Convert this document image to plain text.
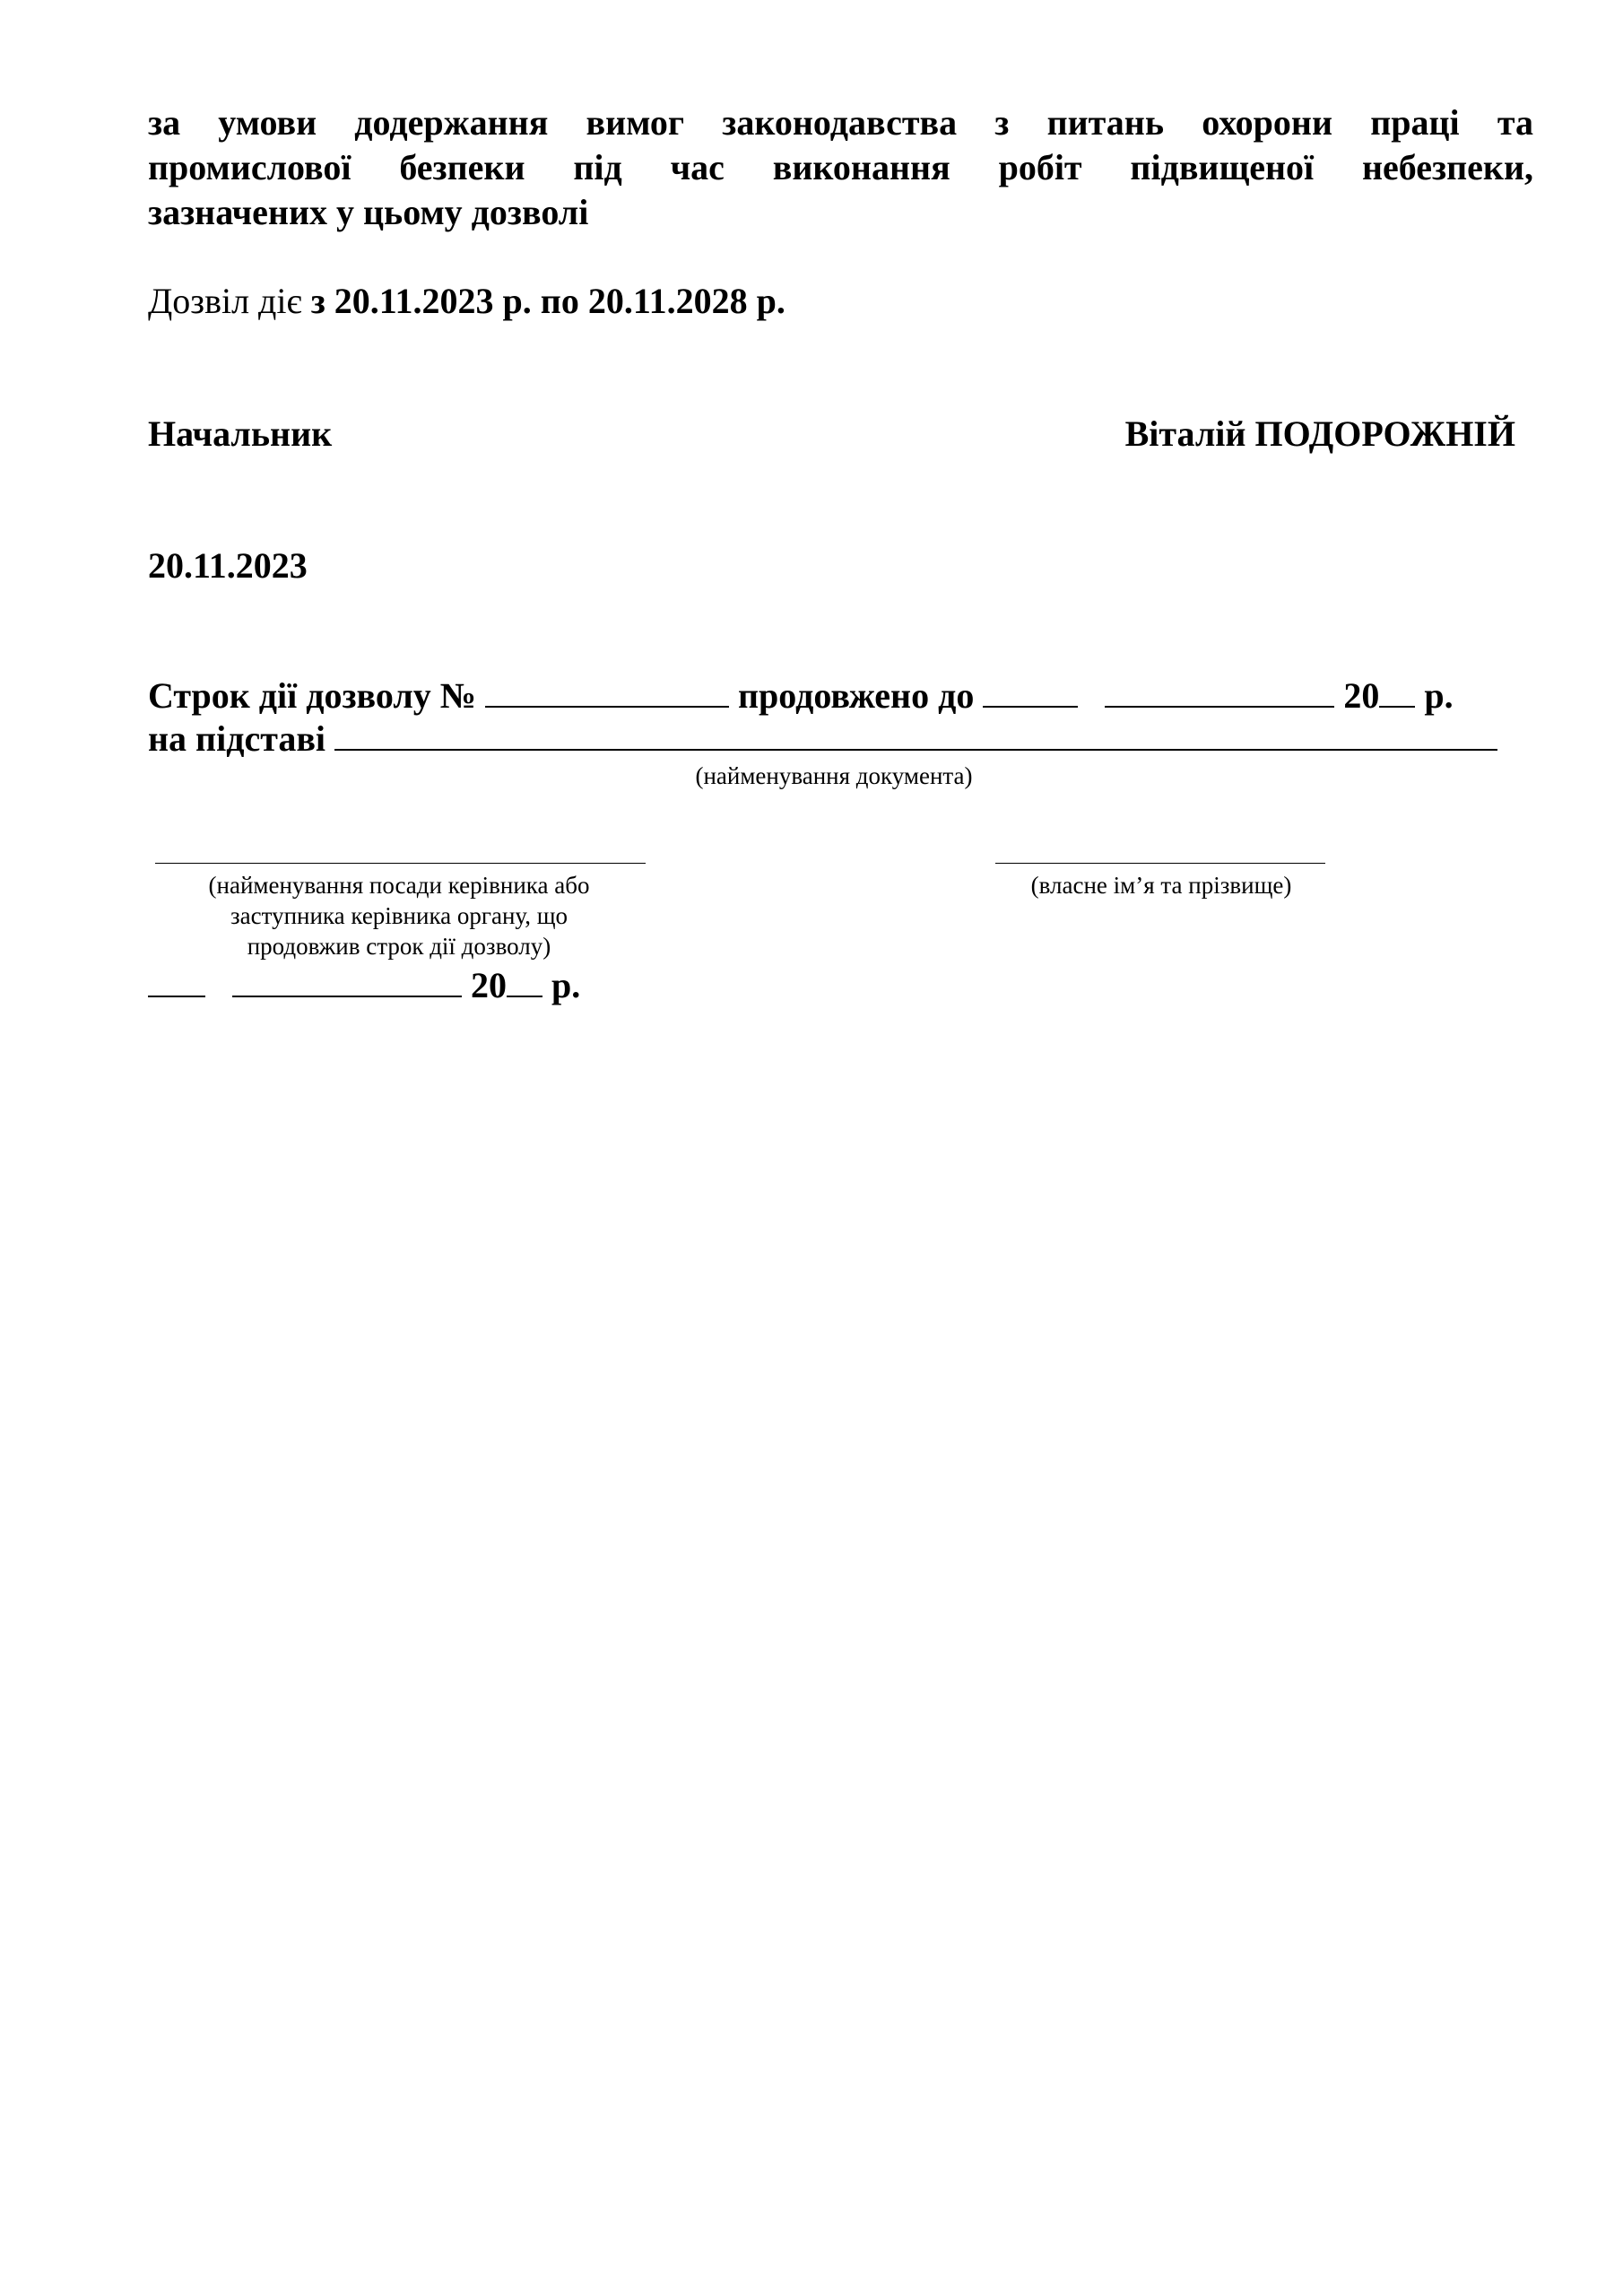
за умови додержання вимог законодавства з питань охорони праці та
промислової безпеки під час виконання робіт підвищеної небезпеки,
зазначених у цьому дозволі
Дозвіл діє з 20.11.2023 р. по 20.11.2028 р.
Начальник	Віталій ПОДОРОЖНІЙ
20.11.2023
Строк дії дозволу №	продовжено до	20 р.
на підставі
(найменування документа)
(найменування посади керівника або
заступника керівника органу, що
продовжив строк дії дозволу)
(власне ім’я та прізвище)
20 р.
